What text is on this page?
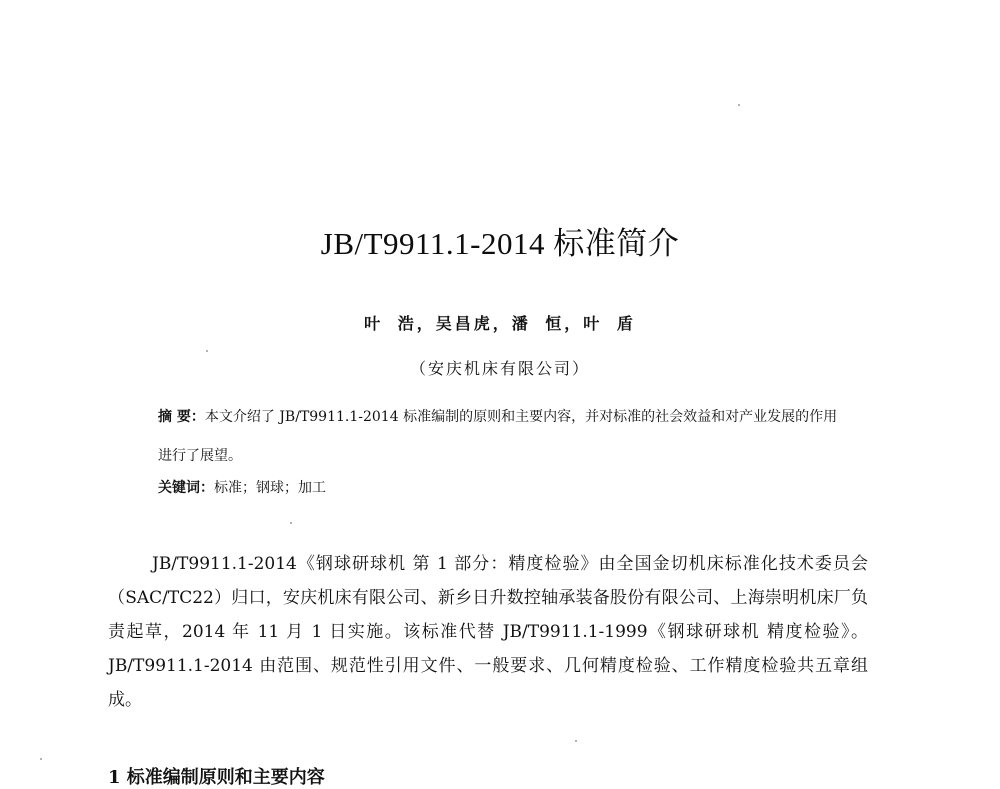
JB/T9911.1-2014 标准简介
叶 浩，吴昌虎，潘 恒，叶 盾
（安庆机床有限公司）
摘 要：本文介绍了 JB/T9911.1-2014 标准编制的原则和主要内容，并对标准的社会效益和对产业发展的作用进行了展望。
关键词：标准；钢球；加工
JB/T9911.1-2014《钢球研球机 第 1 部分：精度检验》由全国金切机床标准化技术委员会（SAC/TC22）归口，安庆机床有限公司、新乡日升数控轴承装备股份有限公司、上海崇明机床厂负责起草，2014 年 11 月 1 日实施。该标准代替 JB/T9911.1-1999《钢球研球机 精度检验》。JB/T9911.1-2014 由范围、规范性引用文件、一般要求、几何精度检验、工作精度检验共五章组成。
1 标准编制原则和主要内容
